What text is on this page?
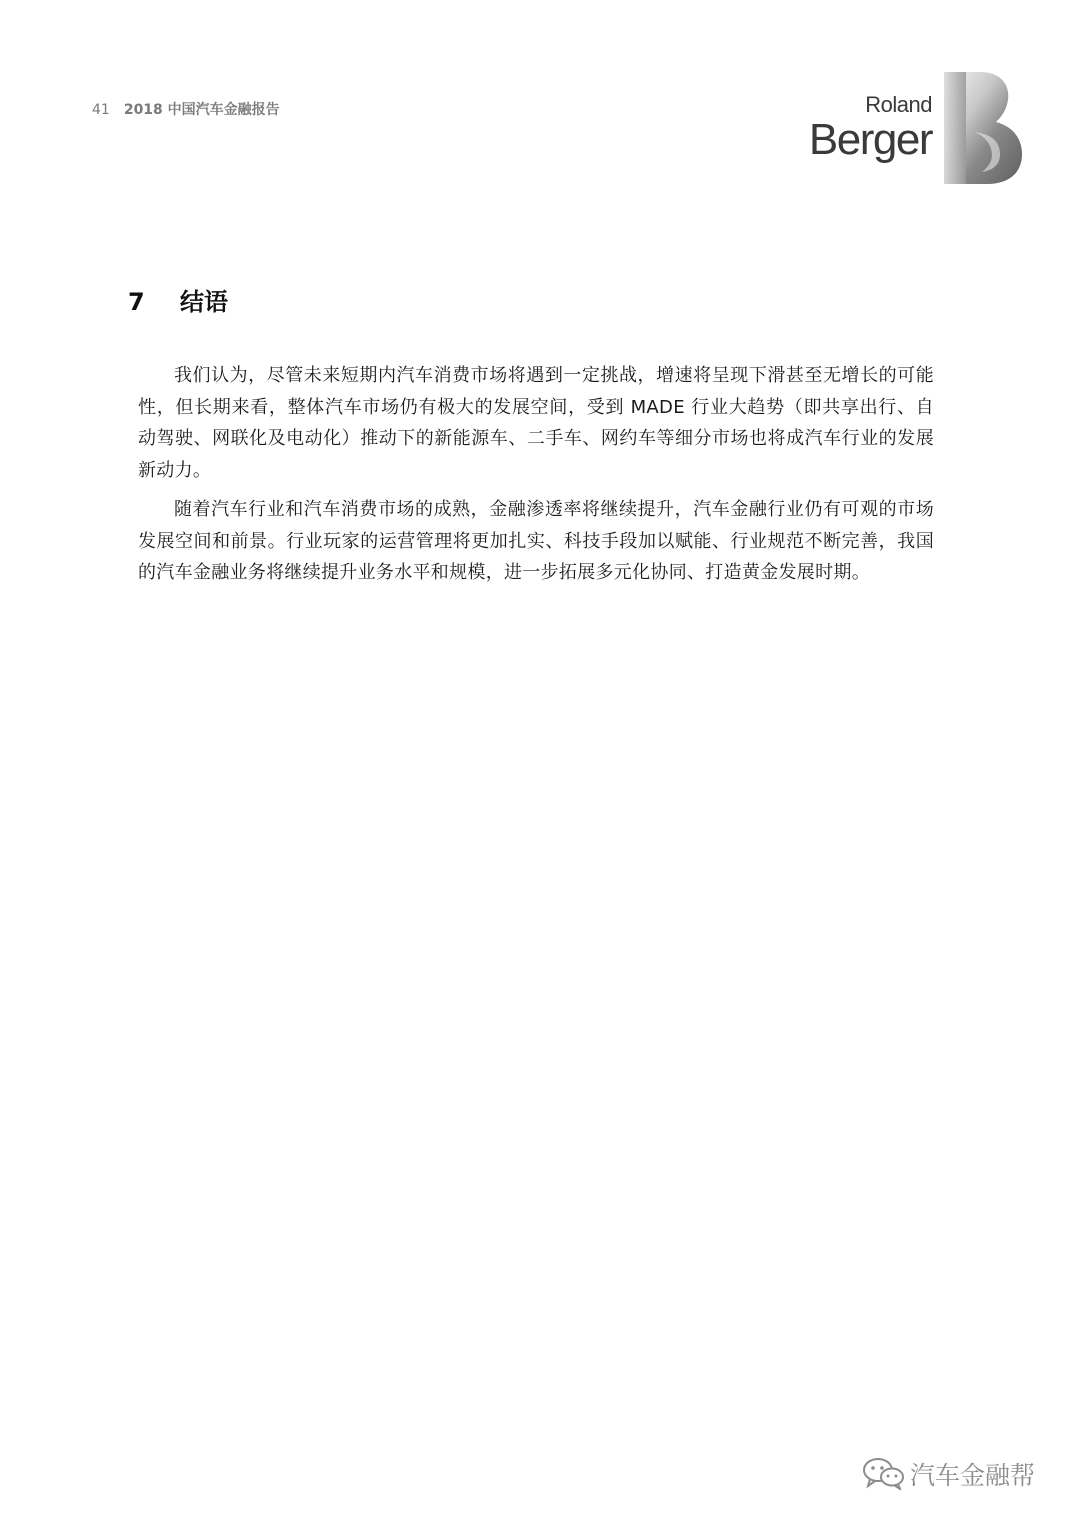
41 2018 中国汽车金融报告	Roland
Berger
7 结语

我们认为，尽管未来短期内汽车消费市场将遇到一定挑战，增速将呈现下滑甚至无增长的可能性，但长期来看，整体汽车市场仍有极大的发展空间，受到 MADE 行业大趋势（即共享出行、自动驾驶、网联化及电动化）推动下的新能源车、二手车、网约车等细分市场也将成汽车行业的发展新动力。

随着汽车行业和汽车消费市场的成熟，金融渗透率将继续提升，汽车金融行业仍有可观的市场发展空间和前景。行业玩家的运营管理将更加扎实、科技手段加以赋能、行业规范不断完善，我国的汽车金融业务将继续提升业务水平和规模，进一步拓展多元化协同、打造黄金发展时期。

汽车金融帮
